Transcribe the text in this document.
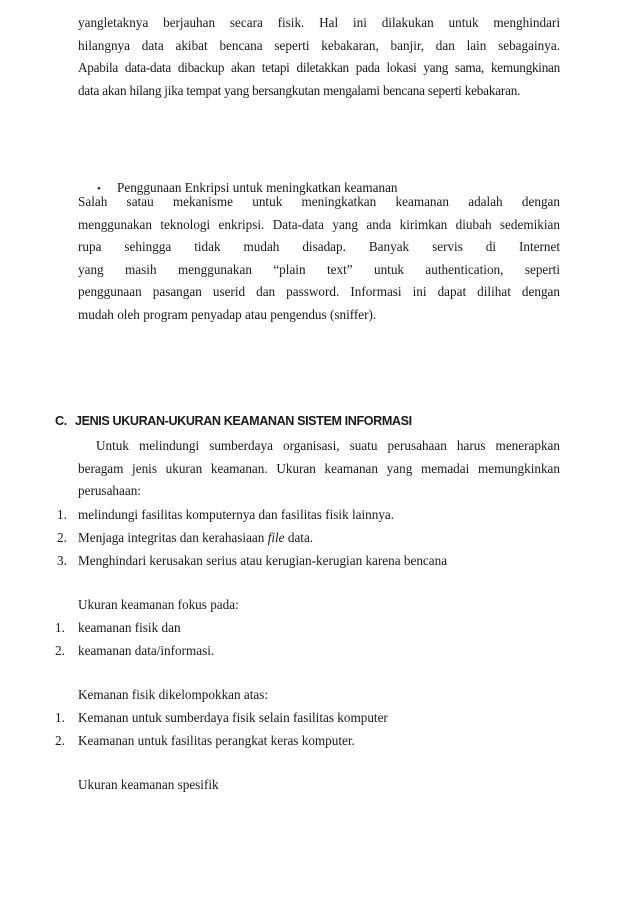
yangletaknya berjauhan secara fisik. Hal ini dilakukan untuk menghindari
hilangnya data akibat bencana seperti kebakaran, banjir, dan lain sebagainya.
Apabila data-data dibackup akan tetapi diletakkan pada lokasi yang sama, kemungkinan
data akan hilang jika tempat yang bersangkutan mengalami bencana seperti kebakaran.
• Penggunaan Enkripsi untuk meningkatkan keamanan
Salah satau mekanisme untuk meningkatkan keamanan adalah dengan
menggunakan teknologi enkripsi. Data-data yang anda kirimkan diubah sedemikian
rupa sehingga tidak mudah disadap. Banyak servis di Internet
yang masih menggunakan “plain text” untuk authentication, seperti
penggunaan pasangan userid dan password. Informasi ini dapat dilihat dengan
mudah oleh program penyadap atau pengendus (sniffer).
C. JENIS UKURAN-UKURAN KEAMANAN SISTEM INFORMASI
Untuk melindungi sumberdaya organisasi, suatu perusahaan harus menerapkan
beragam jenis ukuran keamanan. Ukuran keamanan yang memadai memungkinkan
perusahaan:
1. melindungi fasilitas komputernya dan fasilitas fisik lainnya.
2. Menjaga integritas dan kerahasiaan file data.
3. Menghindari kerusakan serius atau kerugian-kerugian karena bencana
Ukuran keamanan fokus pada:
1. keamanan fisik dan
2. keamanan data/informasi.
Kemanan fisik dikelompokkan atas:
1. Kemanan untuk sumberdaya fisik selain fasilitas komputer
2. Keamanan untuk fasilitas perangkat keras komputer.
Ukuran keamanan spesifik
